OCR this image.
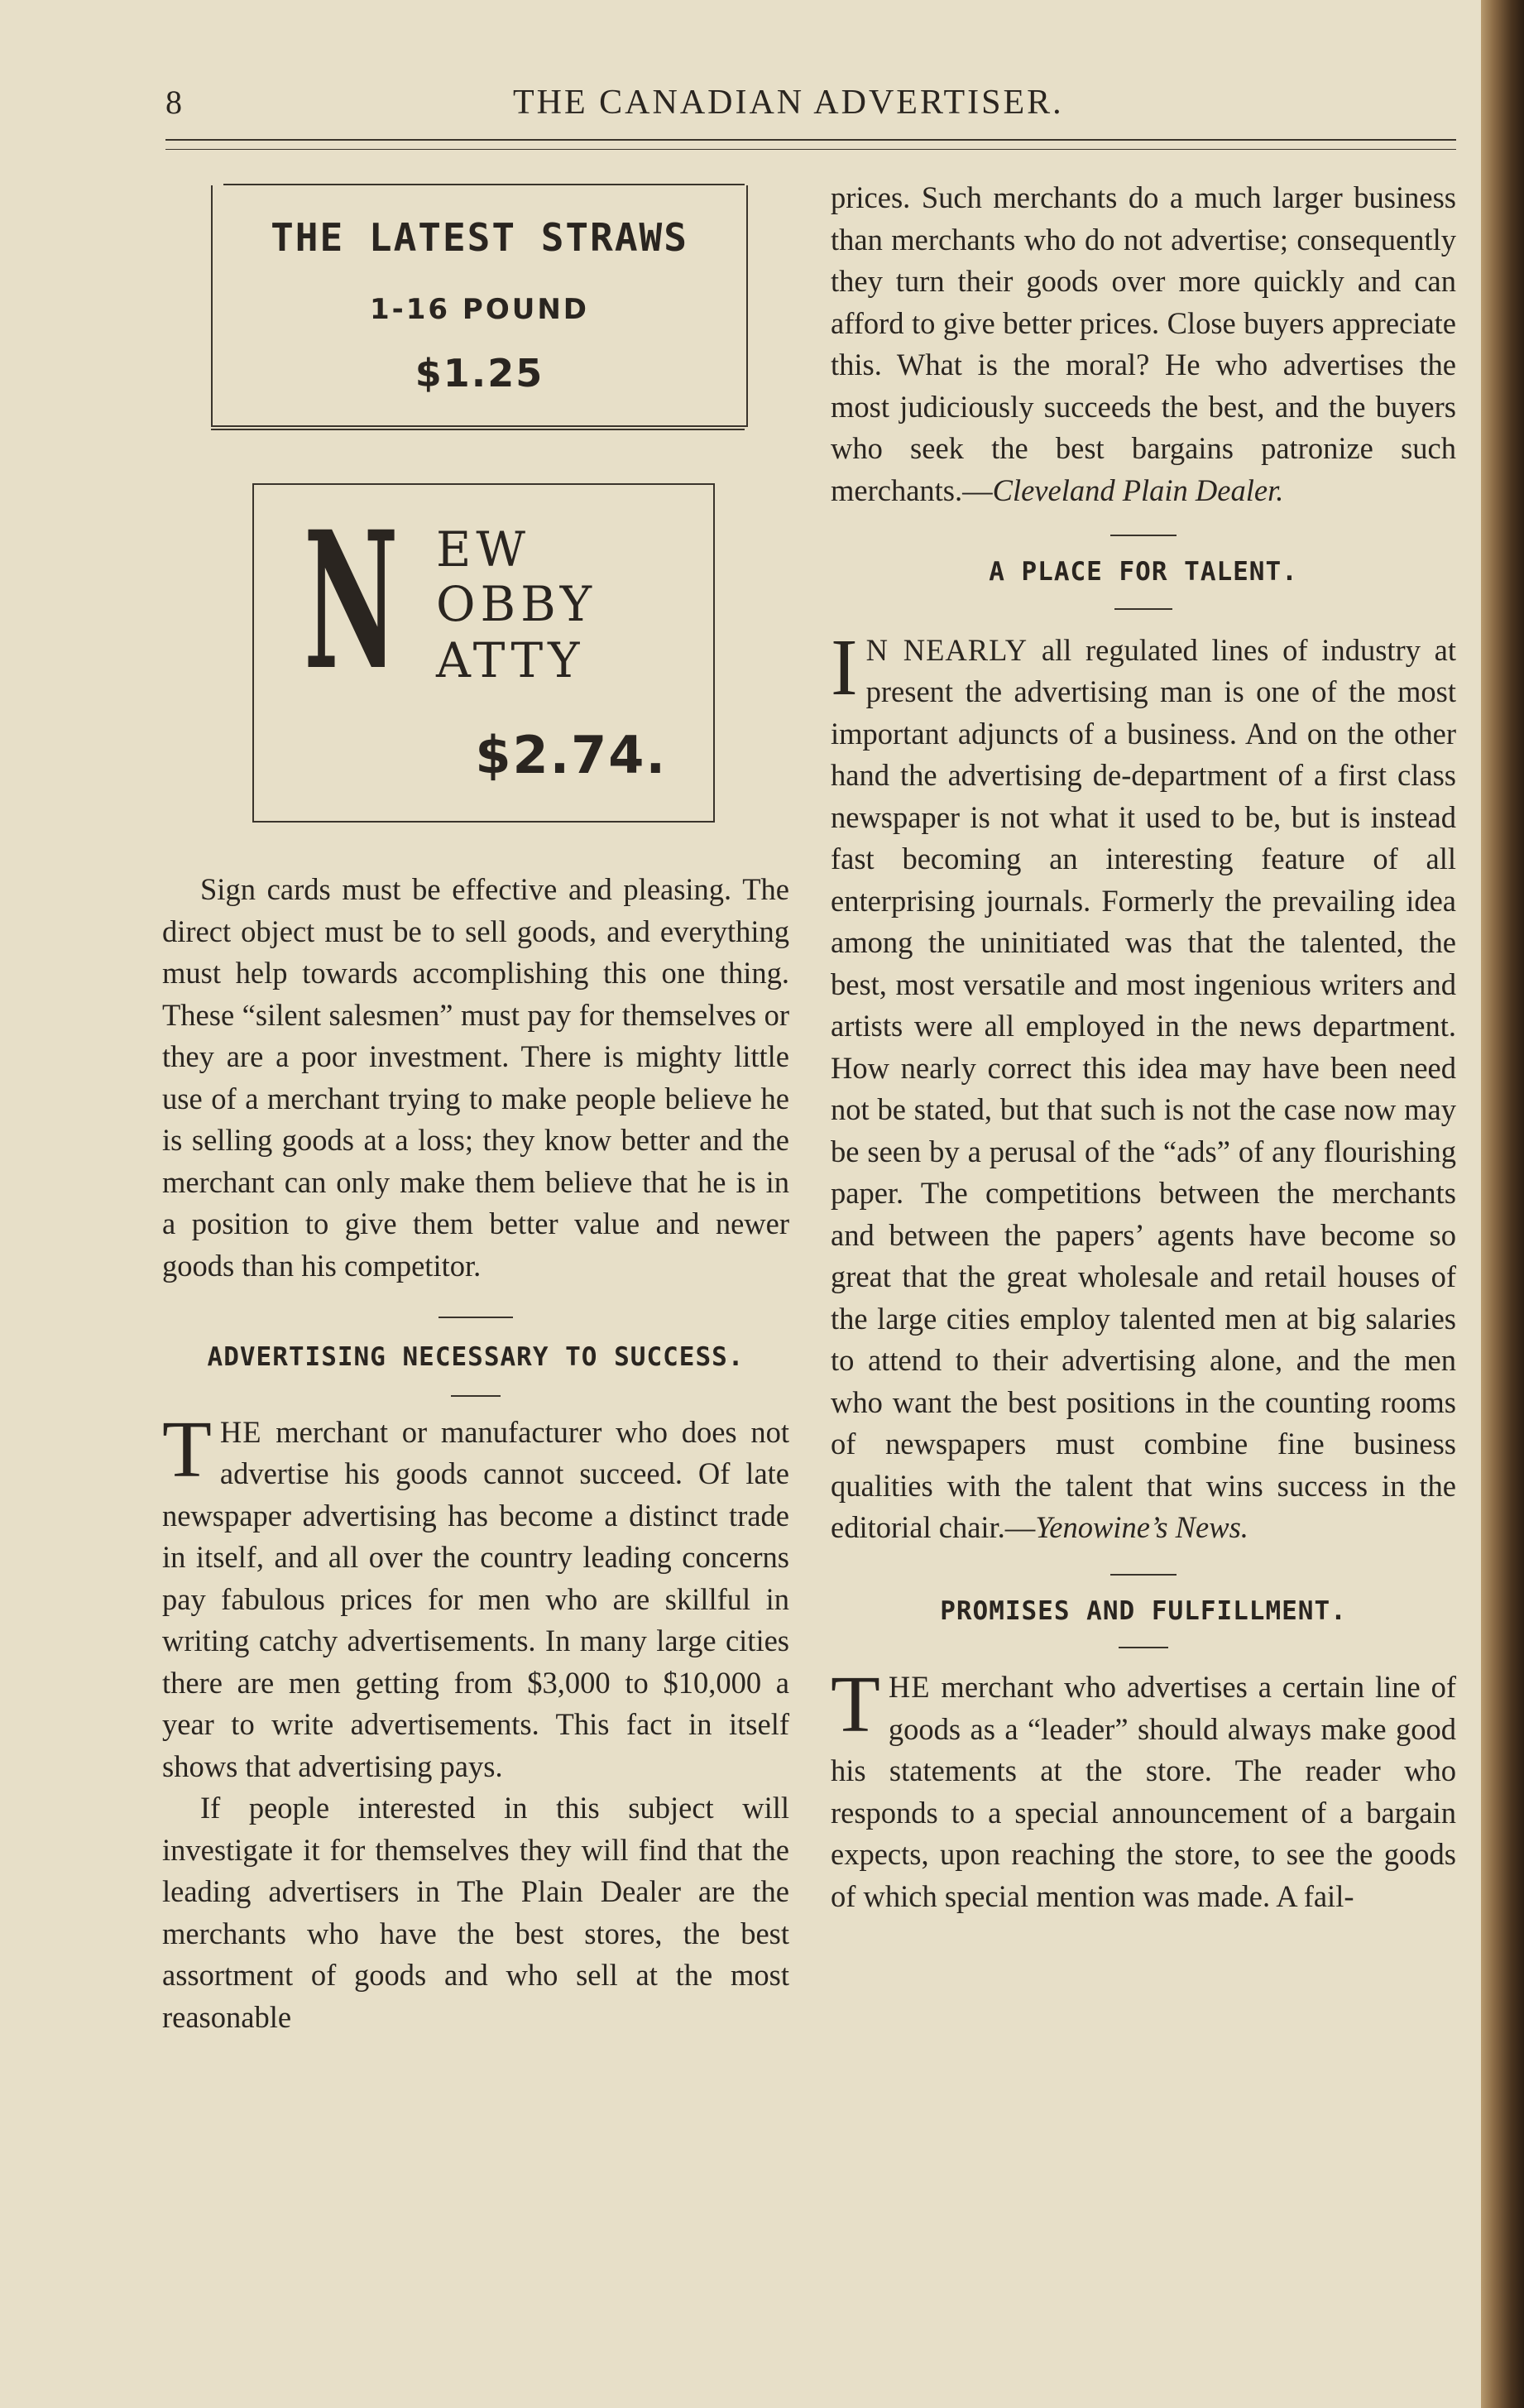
8	THE CANADIAN ADVERTISER.
THE LATEST STRAWS
1-16 POUND
$1.25
N EW
OBBY
ATTY
$2.74.

Sign cards must be effective and pleasing. The direct object must be to sell goods, and everything must help towards accomplishing this one thing. These “silent salesmen” must pay for themselves or they are a poor investment. There is mighty little use of a merchant trying to make people believe he is selling goods at a loss; they know better and the merchant can only make them believe that he is in a position to give them better value and newer goods than his competitor.

ADVERTISING NECESSARY TO SUCCESS.

THE merchant or manufacturer who does not advertise his goods cannot succeed. Of late newspaper advertising has become a distinct trade in itself, and all over the country leading concerns pay fabulous prices for men who are skillful in writing catchy advertisements. In many large cities there are men getting from $3,000 to $10,000 a year to write advertisements. This fact in itself shows that advertising pays.

If people interested in this subject will investigate it for themselves they will find that the leading advertisers in The Plain Dealer are the merchants who have the best stores, the best assortment of goods and who sell at the most reasonable

prices. Such merchants do a much larger business than merchants who do not advertise; consequently they turn their goods over more quickly and can afford to give better prices. Close buyers appreciate this. What is the moral? He who advertises the most judiciously succeeds the best, and the buyers who seek the best bargains patronize such merchants.—Cleveland Plain Dealer.

A PLACE FOR TALENT.

I N NEARLY all regulated lines of industry at present the advertising man is one of the most important adjuncts of a business. And on the other hand the advertising de-department of a first class newspaper is not what it used to be, but is instead fast becoming an interesting feature of all enterprising journals. Formerly the prevailing idea among the uninitiated was that the talented, the best, most versatile and most ingenious writers and artists were all employed in the news department. How nearly correct this idea may have been need not be stated, but that such is not the case now may be seen by a perusal of the “ads” of any flourishing paper. The competitions between the merchants and between the papers’ agents have become so great that the great wholesale and retail houses of the large cities employ talented men at big salaries to attend to their advertising alone, and the men who want the best positions in the counting rooms of newspapers must combine fine business qualities with the talent that wins success in the editorial chair.—Yenowine’s News.

PROMISES AND FULFILLMENT.

THE merchant who advertises a certain line of goods as a “leader” should always make good his statements at the store. The reader who responds to a special announcement of a bargain expects, upon reaching the store, to see the goods of which special mention was made. A fail-
